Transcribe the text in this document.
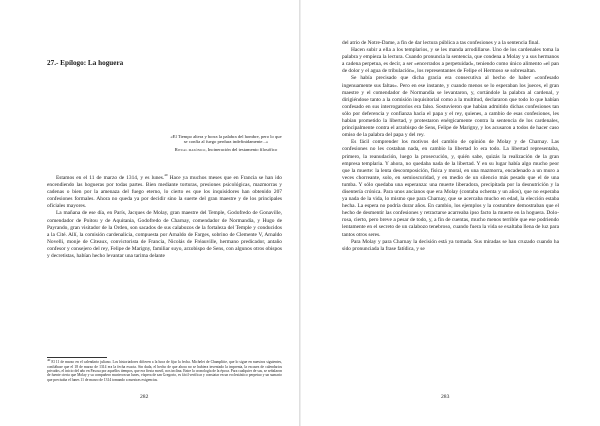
27.- Epílogo: La hoguera

«El Tiempo altera y borra la palabra del hombre, pero lo que se confía al fuego perdura indefinidamente...»

Ritual masónico, Incineración del testamento filosófico

Estamos en el 11 de marzo de 1314, y es lunes.$^{40}$ Hace ya muchos meses que en Francia se han ido encendiendo las hogueras por todas partes. Bien mediante torturas, presiones psicológicas, mazmorras y cadenas o bien por la amenaza del fuego eterno, lo cierto es que los inquisidores han obtenido 207 confesiones formales. Ahora no queda ya por decidir sino la suerte del gran maestre y de los principales oficiales mayores.

La mañana de ese día, en París, Jacques de Molay, gran maestre del Temple, Godofredo de Gonaville, comendador de Poitou y de Aquitania, Godofredo de Charnay, comendador de Normandía, y Hugo de Payrando, gran visitador de la Orden, son sacados de sus calabozos de la fortaleza del Temple y conducidos a la Cité. Allí, la comisión cardenalicia, compuesta por Arnaldo de Farges, sobrino de Clemente V, Arnaldo Novelli, monje de Citeaux, convictorista de Francia, Nicolás de Fréauville, hermano predicador, antaño confesor y consejero del rey, Felipe de Marigny, familiar suyo, arzobispo de Sens, con algunos otros obispos y decretistas, habían hecho levantar una tarima delante

$^{40}$ El 11 de marzo en el calendario juliano. Los historiadores difieren a la hora de fijar la fecha. Michelet de Champlitte, que lo sigue en nuestros siguientes, confiábase que el 18 de marzo de 1314 era la fecha exacta. Sin duda, el hecho de que ahora no se hubiera inventado la imprenta, la escasez de calendarios privados, el inicio del año en Pascua por aquellos tiempos, que era fiesta movil, nos inclina. Entre la cronología de la época. Para cualquier de sus, se señalaron de fuente cierta que Molay y su compañero murieron un lunes, víspera de san Gregorio, es fácil verificar y constatar en un ecclesiástico perpetuo y un sumario que precisaba el lunes 11 de marzo de 1314 tomando a nuestras exigencias.

282

del atrio de Notre-Dame, a fin de dar lectura pública a tas confesiones y a la sentencia final.

Hacen subir a ella a los templarios, y se les manda arrodillarse. Uno de los cardenales toma la palabra y empieza la lectura. Cuando pronuncia la sentencia, que condena a Molay y a sus hermanos a cadena perpetua, es decir, a ser «encerrados a perpetuidad», teniendo como único alimento «el pan de dolor y el agua de tribulación», los representantes de Felipe el Hermoso se sobresaltan.

Se había precisado que dicha gracia era consecutiva al hecho de haber «confesado ingenuamente sus faltas». Pero en ese instante, y cuando menos se lo esperaban los jueces, el gran maestre y el comendador de Normandía se levantaron, y, cortándole la palabra al cardenal, y dirigiéndose tanto a la comisión inquisitorial como a la multitud, declararon que todo lo que habían confesado en sus interrogatorios era falso. Sostuvieron que habían admitido dichas confesiones tan sólo por deferencia y confianza hacia el papa y el rey, quienes, a cambio de esas confesiones, les habían prometido la libertad, y protestaron enérgicamente contra la sentencia de los cardenales, principalmente contra el arzobispo de Sens, Felipe de Marigny, y los acusaron a todos de hacer caso omiso de la palabra del papa y del rey.

Es fácil comprender los motivos del cambio de opinión de Molay y de Charnay. Las confesiones no les costaban nada, en cambio la libertad lo era todo. La libertad representaba, primero, la reanudación, luego la prosecución, y, quién sabe, quizás la realización de la gran empresa templaria. Y ahora, no quedaba nada de la libertad. Y en su lugar había algo mucho peor que la muerte: la lenta descomposición, física y moral, en una mazmorra, encadenado a un muro a veces chorreante, solo, en semioscuridad, y en medio de un silencio más pesado que el de una tumba. Y sólo quedaba una esperanza: una muerte liberadora, precipitada por la desnutrición y la disentería crónica. Para unos ancianos que era Molay (contaba ochenta y un años), que no esperaba ya nada de la vida, lo mismo que para Charnay, que se acercaba mucho en edad, la elección estaba hecha. La espera no podría durar años. En cambio, los ejemplos y la costumbre demostraban que el hecho de desmentir las confesiones y retractarse acarreaba ipso facto la muerte en la hoguera. Dolo-rosa, cierto, pero breve a pesar de todo, y, a fin de cuentas, mucho menos terrible que ese podriendo lentamente en el secreto de un calabozo tenebroso, cuando fuera la vida se exaltaba llena de luz para tantos otros seres.

Para Molay y para Charnay la decisión está ya tomada. Sus miradas se han cruzado cuando ha sido pronunciada la frase fatídica, y se

283
